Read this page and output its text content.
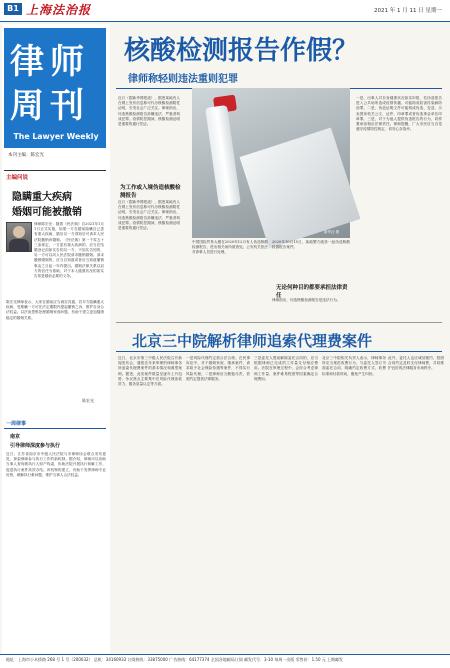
B1 上海法治报	2021 年 1 月 11 日 星期一
律师
周刊
The Lawyer Weekly
本刊主编：陈宏光
主编问说
隐瞒重大疾病
婚姻可能被撤销
律师陈宏光：随着《民法典》自2021年1月1日正式实施，如果一方在婚前隐瞒自己患有重大疾病，婚后另一方得知后可请求人民法院撤销该婚姻。《民法典》第一千零五十三条规定，一方患有重大疾病的，应当在结婚登记前如实告知另一方；不如实告知的，另一方可以向人民法院请求撤销婚姻。请求撤销婚姻的，应当自知道或者应当知道撤销事由之日起一年内提出。婚姻法律关系以双方的信任为基础，对于本人健康状况的如实告知是婚前必要的义务。
陈宏光律师表示，大家在婚前应当诚实沟通，若对方隐瞒重大疾病，受欺瞒一方可在法定期限内提起撤销之诉，维护自身合法权益。以法治思维处理婚姻家庭问题，有助于建立更加健康稳定的婚姻关系。
陈宏光
核酸检测报告作假？
律师称轻则违法重则犯罪
新华社 图
近日（据新华网报道），据悉某地有人在网上发布信息称可代办核酸检测阴性证明，引发社会广泛关注。律师指出，伪造核酸检测报告涉嫌违法，严重者构成犯罪。疫情防控期间，核酸检测证明是重要的通行凭证。
为工作或入境伪造核酸检测报告
近日（据新华网报道），据悉某地有人在网上发布信息称可代办核酸检测阴性证明，引发社会广泛关注。律师指出，伪造核酸检测报告涉嫌违法，严重者构成犯罪。疫情防控期间，核酸检测证明是重要的通行凭证。
中国国际贸易大楼在2020年12月有人伪造核酸检测报告，进出相关场所被查处。公安机关依法对涉事人员进行处理。
2020年10月15日，某地警方破获一起伪造核酸检测报告案件。
无论何种目的都要承担法律责任
律师指出，伪造核酸检测报告是违法行为。
一是，出事人对自身健康状况如实申报，若伪造报告进入公共场所造成疫情传播，可能构成妨害传染病防治罪。二是，伪造证明文件可能构成伪造、变造、买卖国家机关公文、证件、印章罪或者伪造事业单位印章罪。三是，对于为他人提供伪造报告的行为，同样要承担相应法律责任。律师提醒，广大市民应当自觉遵守疫情防控规定，切勿心存侥幸。
北京三中院解析律师追索代理费案件
一周律事
南京
引导律师深度参与执行
近日，江苏省南京市中级人民法院与市律师协会联合发布意见，探索律师参与执行工作的新机制。据介绍，律师可以协助当事人查询被执行人财产线索，协助法院开展执行和解工作，促进执行案件高效办结。该机制的建立，有助于发挥律师专业优势，缓解执行难问题，维护当事人合法权益。
近日，北京市第三中级人民法院召开新闻发布会，通报近年来审理的律师事务所追索代理费案件的基本情况和典型案例。据悉，此类案件数量呈逐年上升趋势，争议焦点主要集中在风险代理条款效力、服务质量认定等方面。
一是风险代理约定需合法合规。在民事诉讼中，对于婚姻家庭、继承案件，请求给予社会保险待遇等案件，不得实行风险代理。二是律师应当勤勉尽责，依照约定提供法律服务。
三是委托人提前解除委托合同的，应当根据律师已完成的工作量支付相应费用。法院在审理过程中，会综合考虑律师工作量、案件难易程度等因素确定合理费用。
北京三中院相关负责人表示，律师事务所应当规范收费行为，与委托人签订书面委托合同，明确约定收费方式、收费标准和付款时间，避免产生纠纷。
此外，委托人也应诚信履约，按照合同约定及时支付律师费，共同维护良好的法律服务市场秩序。
地址：上海市小木桥路 268 号 1 号（200032） 总机：34160933 订阅热线：33875000 广告热线：64177374 全国各地邮局订阅 邮发代号：3-10 每周一出版 零售价：1.50 元 上期邮发
